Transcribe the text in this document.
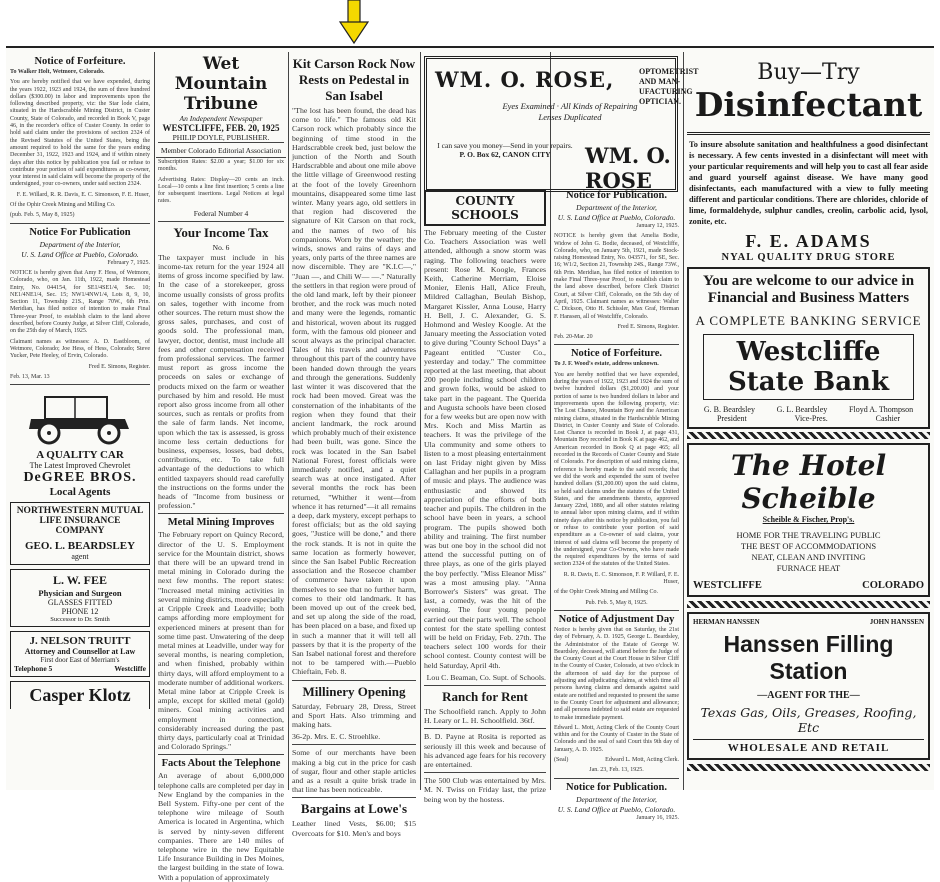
Notice of Forfeiture.
To Walker Holt, Wetmore, Colorado.
You are hereby notified that we have expended, during the years 1922, 1923 and 1924, the sum of three hundred dollars ($300.00) in labor and improvements upon the following described property, viz: the Star lode claim, situated in the Hardscrabble Mining District, in Custer County, State of Colorado, and recorded in Book V, page 46, in the recorder's office of Custer County. In order to hold said claim under the provisions of section 2324 of the Revised Statutes of the United States, being the amount required to hold the same for the years ending December 31, 1922, 1923 and 1924, and if within ninety days after this notice by publication you fail or refuse to contribute your portion of said expenditures as co-owner, your interest in said claim will become the property of the undersigned, your co-owners, under said section 2324.
F. E. Willard, R. R. Davis, E. C. Simonson, F. E. Huser,
Of the Ophir Creek Mining and Milling Co.
(pub. Feb. 5, May 8, 1925)
Notice For Publication
Department of the Interior,
U. S. Land Office at Pueblo, Colorado.
February 7, 1925.
NOTICE is hereby given that Amy F. Hess, of Wetmore, Colorado, who, on Jan. 11th, 1922, made Homestead Entry, No. 044154, for SE1/4SE1/4, Sec. 10; NE1/4NE1/4, Sec. 15; NW1/4NW1/4, Lots 8, 9, 10, Section 11, Township 21S., Range 70W., 6th Prin. Meridian, has filed notice of intention to make Final Three-year Proof, to establish claim to the land above described, before County Judge, at Silver Cliff, Colorado, on the 25th day of March, 1925.
Claimant names as witnesses: A. D. Eastbloom, of Wetmore, Colorado; Joe Hess, of Hess, Colorado; Steve Yucker, Pete Heeley, of Ervin, Colorado.
Fred E. Simons, Register.
Feb. 13, Mar. 13
A QUALITY CAR
The Latest Improved Chevrolet
DeGREE BROS.
Local Agents
NORTHWESTERN MUTUAL LIFE INSURANCE COMPANY
GEO. L. BEARDSLEY
agent
L. W. FEE
Physician and Surgeon
GLASSES FITTED
PHONE 12
Successor to Dr. Smith
J. NELSON TRUITT
Attorney and Counsellor at Law
First door East of Merriam's
Telephone 5	Westcliffe
Casper Klotz
Wet Mountain Tribune
An Independent Newspaper
WESTCLIFFE, FEB. 20, 1925
PHILIP DOYLE, PUBLISHER.
Member Colorado Editorial Association
Subscription Rates: $2.00 a year; $1.00 for six months.
Advertising Rates: Display—20 cents an inch. Local—10 cents a line first insertion; 5 cents a line for subsequent insertions. Legal Notices at legal rates.
Federal Number 4
Your Income Tax
No. 6
The taxpayer must include in his income-tax return for the year 1924 all items of gross income specified by law. In the case of a storekeeper, gross income usually consists of gross profits on sales, together with income from other sources. The return must show the gross sales, purchases, and cost of goods sold. The professional man, lawyer, doctor, dentist, must include all fees and other compensation received from professional services. The farmer must report as gross income the proceeds on sales or exchange of products mixed on the farm or weather purchased by him and resold. He must report also gross income from all other sources, such as rentals or profits from the sale of farm lands. Net income, upon which the tax is assessed, is gross income less certain deductions for business, expenses, losses, bad debts, contributions, etc. To take full advantage of the deductions to which entitled taxpayers should read carefully the instructions on the forms under the heads of "Income from business or profession."
Metal Mining Improves
The February report on Quincy Record, director of the U. S. Employment service for the Mountain district, shows that there will be an upward trend in metal mining in Colorado during the next few months. The report states: "Increased metal mining activities in several mining districts, more especially at Cripple Creek and Leadville; both camps affording more employment for experienced miners at present than for some time past. Unwatering of the deep metal mines at Leadville, under way for several months, is nearing completion, and when finished, probably within thirty days, will afford employment to a moderate number of additional workers. Metal mine labor at Cripple Creek is ample, except for skilled metal (gold) miners. Coal mining activities and employment in connection, considerably increased during the past thirty days, particularly coal at Trinidad and Colorado Springs."
Facts About the Telephone
An average of about 6,000,000 telephone calls are completed per day in New England by the companies in the Bell System. Fifty-one per cent of the telephone wire mileage of South America is located in Argentina, which is served by ninty-seven different companies. There are 140 miles of telephone wire in the new Equitable Life Insurance Building in Des Moines, the largest building in the state of Iowa. With a population of approximately
Kit Carson Rock Now Rests on Pedestal in San Isabel
"The lost has been found, the dead has come to life." The famous old Kit Carson rock which probably since the beginning of time stood in the Hardscrabble creek bed, just below the junction of the North and South Hardscrabble and about one mile above the little village of Greenwood resting at the foot of the lovely Greenhorn mountains, disappeared some time last winter. Many years ago, old settlers in that region had discovered the signature of Kit Carson on that rock, and the names of two of his companions. Worn by the weather; the winds, snows and rains of days and years, only parts of the three names are now discernible. They are "K.I.C—," "Juan —, and Chili W— —." Naturally the settlers in that region were proud of the old land mark, left by their pioneer brother, and the rock was much noted and many were the legends, romantic and historical, woven about its rugged form, with the famous old pioneer and scout always as the principal character. Tales of his travels and adventures throughout this part of the country have been handed down through the years and through the generations. Suddenly last winter it was discovered that the rock had been moved. Great was the consternation of the inhabitants of the region when they found that their ancient landmark, the rock around which probably much of their existence had been built, was gone. Since the rock was located in the San Isabel National Forest, forest officials were immediately notified, and a quiet search was at once instigated. After several months the rock has been returned, "Whither it went—from whence it has returned"—it all remains a deep, dark mystery, except perhaps to forest officials; but as the old saying goes, "Justice will be done," and there the rock stands. It is not in quite the same location as formerly however, since the San Isabel Public Recreation association and the Rosecoe chamber of commerce have taken it upon themselves to see that no further harm, comes to their old landmark. It has been moved up out of the creek bed, and set up along the side of the road, has been placed on a base, and fixed up in such a manner that it will tell all passers by that it is the property of the San Isabel national forest and therefore not to be tampered with.—Pueblo Chieftain, Feb. 8.
Millinery Opening
Saturday, February 28, Dress, Street and Sport Hats. Also trimming and making hats.
36-2p. Mrs. E. C. Stroehlke.
Some of our merchants have been making a big cut in the price for cash of sugar, flour and other staple articles and as a result a quite brisk trade in that line has been noticeable.
Bargains at Lowe's
Leather lined Vests, $6.00; $15 Overcoats for $10. Men's and boys
WM. O. ROSE,	OPTOMETRIST AND MAN-UFACTURING OPTICIAN.
Eyes Examined · All Kinds of Repairing
Lenses Duplicated
I can save you money—Send in your repairs.
P. O. Box 62, CANON CITY	WM. O. ROSE
COUNTY SCHOOLS
The February meeting of the Custer Co. Teachers Association was well attended, although a snow storm was raging. The following teachers were present: Rose M. Koogle, Frances Keith, Catherine Merriam, Eloise Monier, Elenis Hall, Alice Freuh, Mildred Callaghan, Beulah Bishop, Margaret Kissler, Anna Louse, Harry H. Bell, J. C. Alexander, G. S. Hohmond and Wesley Koogle. At the January meeting the Association voted to give during "County School Days" a Pageant entitled "Custer Co., yesterday and today." The committee reported at the last meeting, that about 200 people including school children and grown folks, would be asked to take part in the pageant. The Querida and Augusta schools have been closed for a few weeks but are open now with Mrs. Koch and Miss Martin as teachers. It was the privilege of the Ula community and some others to listen to a most pleasing entertainment on last Friday night given by Miss Callaghan and her pupils in a program of music and plays. The audience was enthusiastic and showed its appreciation of the efforts of both teacher and pupils. The children in the school have been in years, a school program. The pupils showed both ability and training. The first number was but one boy in the school did not attend the successful putting on of three plays, as one of the girls played the boy perfectly. "Miss Eleanor Miss" was a most amusing play. "Anna Borrower's Sisters" was great. The last, a comedy, was the hit of the evening. The four young people carried out their parts well. The school contest for the state spelling contest will be held on Friday, Feb. 27th. The teachers select 100 words for their school contest. County contest will be held Saturday, April 4th.
Lou C. Beaman, Co. Supt. of Schools.
Ranch for Rent
The Schoolfield ranch. Apply to John H. Leary or L. H. Schoolfield. 36tf.
B. D. Payne at Rosita is reported as seriously ill this week and because of his advanced age fears for his recovery are entertained.
The 500 Club was entertained by Mrs. M. N. Twiss on Friday last, the prize being won by the hostess.
Notice for Publication.
Department of the Interior,
U. S. Land Office at Pueblo, Colorado.
January 12, 1925.
NOTICE is hereby given that Amelia Bodie, Widow of John G. Bodie, deceased, of Westcliffe, Colorado, who, on January 5th, 1921, made Stock-raising Homestead Entry, No. 043571, for SE, Sec. 16; W1/2, Section 21, Township 24S., Range 73W., 6th Prin. Meridian, has filed notice of intention to make Final Three-year Proof, to establish claim to the land above described, before Clerk District Court, at Silver Cliff, Colorado, on the 5th day of April, 1925. Claimant names as witnesses: Walter C. Dickson, Otto H. Schissler, Max Graf, Herman F. Hanssen, all of Westcliffe, Colorado.
Fred E. Simons, Register.
Feb. 20-Mar. 20
Notice of Forfeiture.
To J. F. Wood's estate, address unknown.
You are hereby notified that we have expended, during the years of 1922, 1923 and 1924 the sum of twelve hundred dollars ($1,200.00) and your portion of same is two hundred dollars in labor and improvements upon the following property, viz: The Lost Chance, Mountain Boy and the American mining claims, situated in the Hardscrabble Mining District, in Custer County and State of Colorado. Lost Chance is recorded in Book J, at page 431, Mountain Boy recorded in Book K at page 462, and American recorded in Book Q at page 465; all recorded in the Records of Custer County and State of Colorado. For description of said mining claims, reference is hereby made to the said records; that we did the work and expended the sum of twelve hundred dollars ($1,200.00) upon the said claims, so held said claims under the statutes of the United States, and the amendments thereto, approved January 22nd, 1880, and all other statutes relating to annual labor upon mining claims, and if within ninety days after this notice by publication, you fail or refuse to contribute your portion of said expenditure as a Co-owner of said claims, your interest of said claims will become the property of the undersigned, your Co-Owners, who have made the required expenditures by the terms of said section 2324 of the statutes of the United States.
R. R. Davis, E. C. Simonson, F. P. Willard, F. E. Huser,
of the Ophir Creek Mining and Milling Co.
Pub. Feb. 5, May 8, 1925.
Notice of Adjustment Day
Notice is hereby given that on Saturday, the 21st day of February, A. D. 1925, George L. Beardsley, the Administrator of the Estate of George W. Beardsley, deceased, will attend before the Judge of the County Court at the Court House in Silver Cliff in the County of Custer, Colorado, at two o'clock in the afternoon of said day for the purpose of adjusting and adjudicating claims, at which time all persons having claims and demands against said estate are notified and requested to present the same to the County Court for adjustment and allowance; and all persons indebted to said estate are requested to make immediate payment.
Edward L. Mott, Acting Clerk of the County Court within and for the County of Custer in the State of Colorado and the seal of said Court this 9th day of January, A. D. 1925.
(Seal)	Edward L. Mott, Acting Clerk.
Jan. 23, Feb. 13, 1925.
Notice for Publication.
Department of the Interior,
U. S. Land Office at Pueblo, Colorado.
January 16, 1925.
Buy—Try
Disinfectant
To insure absolute sanitation and healthfulness a good disinfectant is necessary. A few cents invested in a disinfectant will meet with your particular requirements and will help you to cast all fear aside and guard yourself against disease. We have many good disinfectants, each manufactured with a view to fully meeting different and particular conditions. There are chlorides, chloride of lime, formaldehyde, sulphur candles, creolin, carbolic acid, lysol, zonite, etc.
F. E. ADAMS
NYAL QUALITY DRUG STORE
You are welcome to our advice in Financial and Business Matters
A COMPLETE BANKING SERVICE
Westcliffe State Bank
G. B. Beardsley	G. L. Beardsley	Floyd A. Thompson
President	Vice-Pres.	Cashier
The Hotel Scheible
Scheible & Fischer, Prop's.
HOME FOR THE TRAVELING PUBLIC
THE BEST OF ACCOMMODATIONS
NEAT, CLEAN AND INVITING
FURNACE HEAT
WESTCLIFFE	COLORADO
HERMAN HANSSEN	JOHN HANSSEN
Hanssen Filling Station
—AGENT FOR THE—
Texas Gas, Oils, Greases, Roofing, Etc
WHOLESALE AND RETAIL
